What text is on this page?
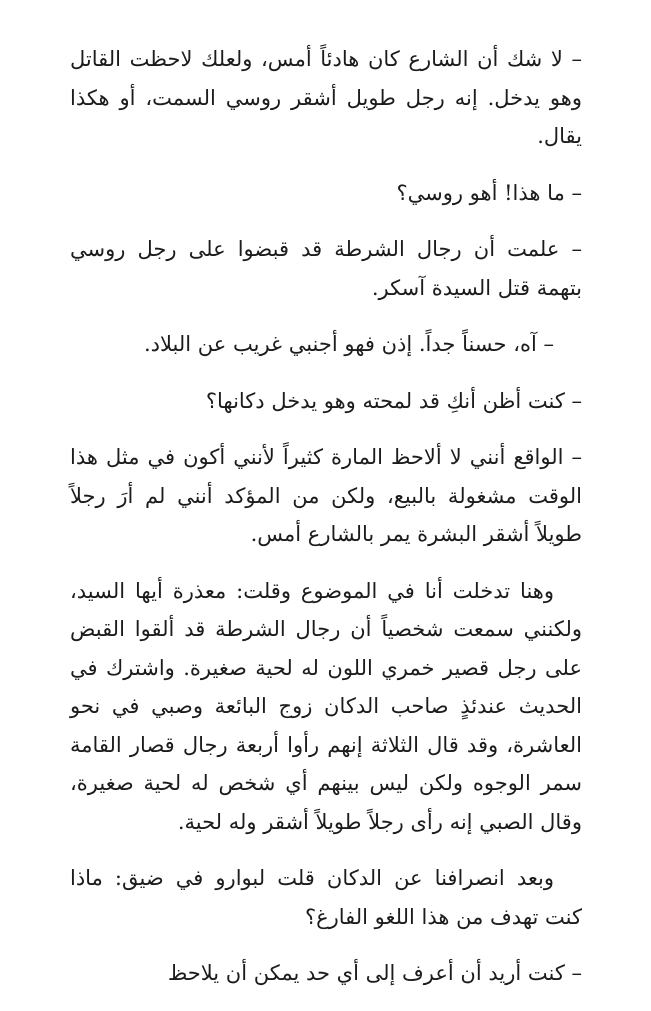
– لا شك أن الشارع كان هادئاً أمس، ولعلك لاحظت القاتل وهو يدخل. إنه رجل طويل أشقر روسي السمت، أو هكذا يقال.

– ما هذا! أهو روسي؟

– علمت أن رجال الشرطة قد قبضوا على رجل روسي بتهمة قتل السيدة آسكر.

– آه، حسناً جداً. إذن فهو أجنبي غريب عن البلاد.

– كنت أظن أنكِ قد لمحته وهو يدخل دكانها؟

– الواقع أنني لا ألاحظ المارة كثيراً لأنني أكون في مثل هذا الوقت مشغولة بالبيع، ولكن من المؤكد أنني لم أرَ رجلاً طويلاً أشقر البشرة يمر بالشارع أمس.

وهنا تدخلت أنا في الموضوع وقلت: معذرة أيها السيد، ولكنني سمعت شخصياً أن رجال الشرطة قد ألقوا القبض على رجل قصير خمري اللون له لحية صغيرة. واشترك في الحديث عندئذٍ صاحب الدكان زوج البائعة وصبي في نحو العاشرة، وقد قال الثلاثة إنهم رأوا أربعة رجال قصار القامة سمر الوجوه ولكن ليس بينهم أي شخص له لحية صغيرة، وقال الصبي إنه رأى رجلاً طويلاً أشقر وله لحية.

وبعد انصرافنا عن الدكان قلت لبوارو في ضيق: ماذا كنت تهدف من هذا اللغو الفارغ؟

– كنت أريد أن أعرف إلى أي حد يمكن أن يلاحظ
